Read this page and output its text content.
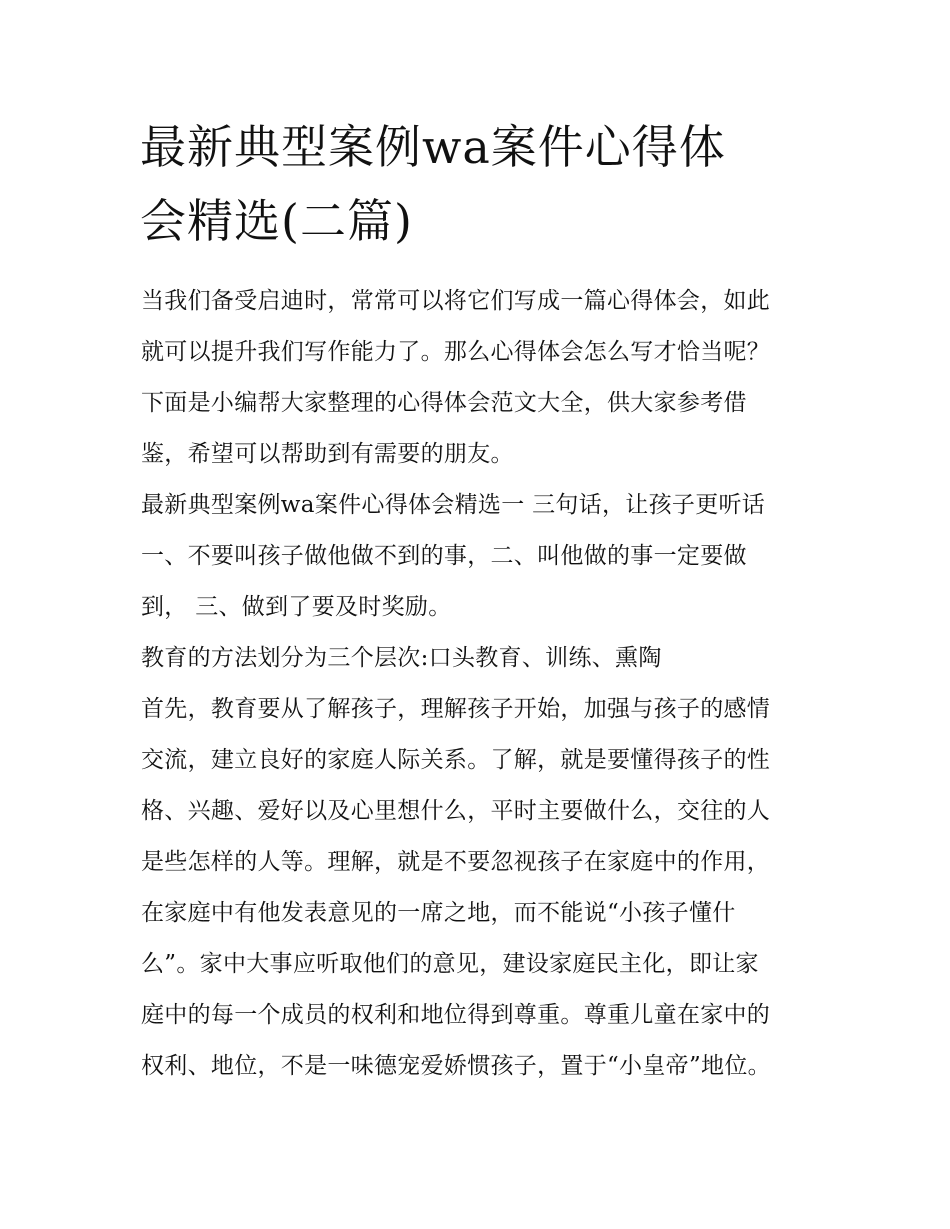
最新典型案例wa案件心得体
会精选(二篇)
当我们备受启迪时，常常可以将它们写成一篇心得体会，如此
就可以提升我们写作能力了。那么心得体会怎么写才恰当呢？
下面是小编帮大家整理的心得体会范文大全，供大家参考借
鉴，希望可以帮助到有需要的朋友。
最新典型案例wa案件心得体会精选一 三句话，让孩子更听话
一、不要叫孩子做他做不到的事，二、叫他做的事一定要做
到， 三、做到了要及时奖励。
教育的方法划分为三个层次:口头教育、训练、熏陶
首先，教育要从了解孩子，理解孩子开始，加强与孩子的感情
交流，建立良好的家庭人际关系。了解，就是要懂得孩子的性
格、兴趣、爱好以及心里想什么，平时主要做什么，交往的人
是些怎样的人等。理解，就是不要忽视孩子在家庭中的作用，
在家庭中有他发表意见的一席之地，而不能说“小孩子懂什
么”。家中大事应听取他们的意见，建设家庭民主化，即让家
庭中的每一个成员的权利和地位得到尊重。尊重儿童在家中的
权利、地位，不是一味德宠爱娇惯孩子，置于“小皇帝”地位。
